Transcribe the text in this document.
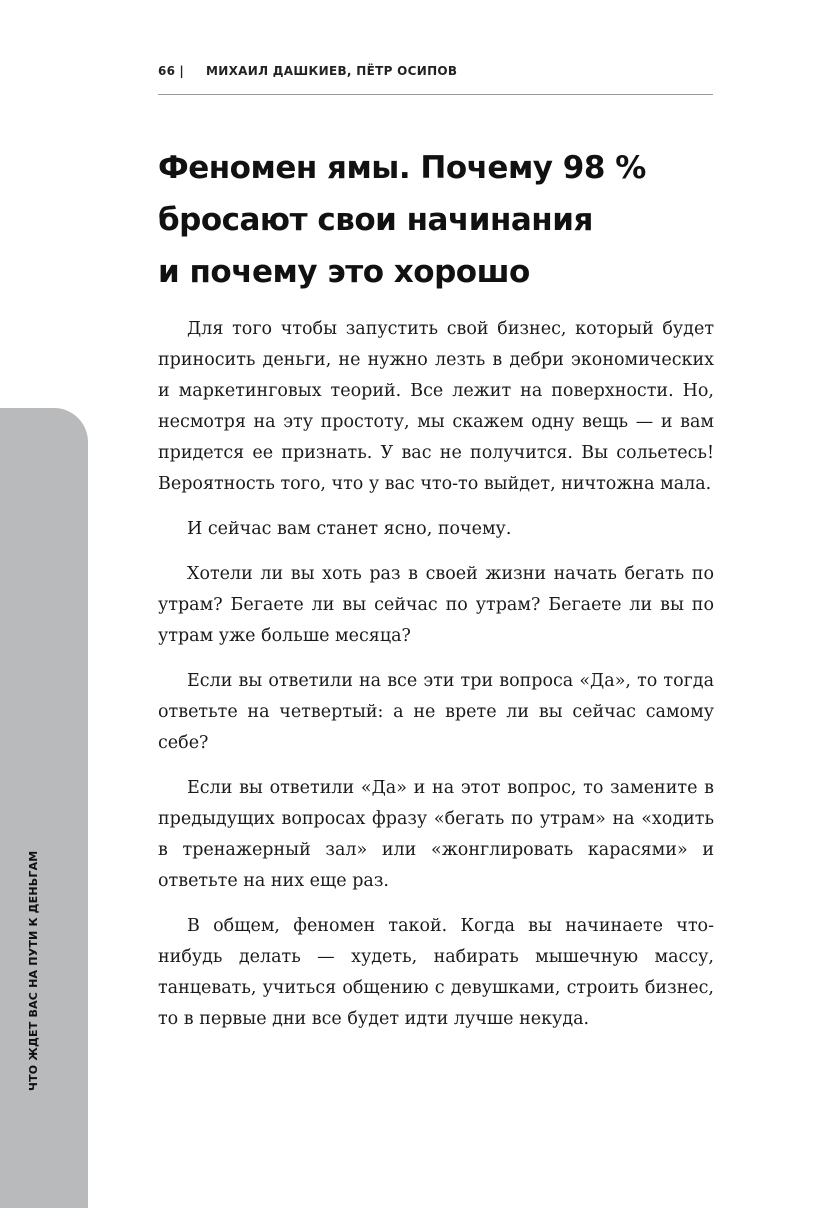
66 | МИХАИЛ ДАШКИЕВ, ПЁТР ОСИПОВ
Феномен ямы. Почему 98 %
бросают свои начинания
и почему это хорошо

Для того чтобы запустить свой бизнес, который будет приносить деньги, не нужно лезть в дебри экономических и маркетинговых теорий. Все лежит на поверхности. Но, несмотря на эту простоту, мы скажем одну вещь — и вам придется ее признать. У вас не получится. Вы сольетесь! Вероятность того, что у вас что-то выйдет, ничтожна мала.

И сейчас вам станет ясно, почему.

Хотели ли вы хоть раз в своей жизни начать бегать по утрам? Бегаете ли вы сейчас по утрам? Бегаете ли вы по утрам уже больше месяца?

Если вы ответили на все эти три вопроса «Да», то тогда ответьте на четвертый: а не врете ли вы сейчас самому себе?

Если вы ответили «Да» и на этот вопрос, то замените в предыдущих вопросах фразу «бегать по утрам» на «ходить в тренажерный зал» или «жонглировать карасями» и ответьте на них еще раз.

В общем, феномен такой. Когда вы начинаете что-нибудь делать — худеть, набирать мышечную массу, танцевать, учиться общению с девушками, строить бизнес, то в первые дни все будет идти лучше некуда.

ЧТО ЖДЕТ ВАС НА ПУТИ К ДЕНЬГАМ
